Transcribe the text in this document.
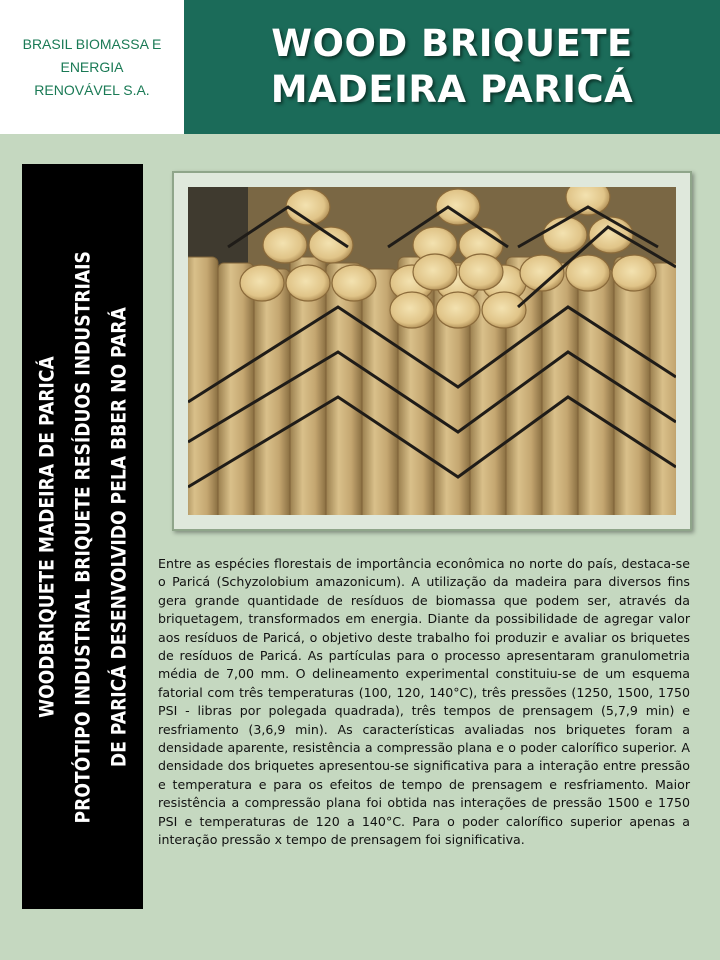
BRASIL BIOMASSA E
ENERGIA
RENOVÁVEL S.A.
WOOD BRIQUETE
MADEIRA PARICÁ
WOODBRIQUETE MADEIRA DE PARICÁ PROTÓTIPO INDUSTRIAL BRIQUETE RESÍDUOS INDUSTRIAIS DE PARICÁ DESENVOLVIDO PELA BBER NO PARÁ	Entre as espécies florestais de importância econômica no norte do país, destaca-se o Paricá (Schyzolobium amazonicum). A utilização da madeira para diversos fins gera grande quantidade de resíduos de biomassa que podem ser, através da briquetagem, transformados em energia. Diante da possibilidade de agregar valor aos resíduos de Paricá, o objetivo deste trabalho foi produzir e avaliar os briquetes de resíduos de Paricá. As partículas para o processo apresentaram granulometria média de 7,00 mm. O delineamento experimental constituiu-se de um esquema fatorial com três temperaturas (100, 120, 140°C), três pressões (1250, 1500, 1750 PSI - libras por polegada quadrada), três tempos de prensagem (5,7,9 min) e resfriamento (3,6,9 min). As características avaliadas nos briquetes foram a densidade aparente, resistência a compressão plana e o poder calorífico superior. A densidade dos briquetes apresentou-se significativa para a interação entre pressão e temperatura e para os efeitos de tempo de prensagem e resfriamento. Maior resistência a compressão plana foi obtida nas interações de pressão 1500 e 1750 PSI e temperaturas de 120 a 140°C. Para o poder calorífico superior apenas a interação pressão x tempo de prensagem foi significativa.
